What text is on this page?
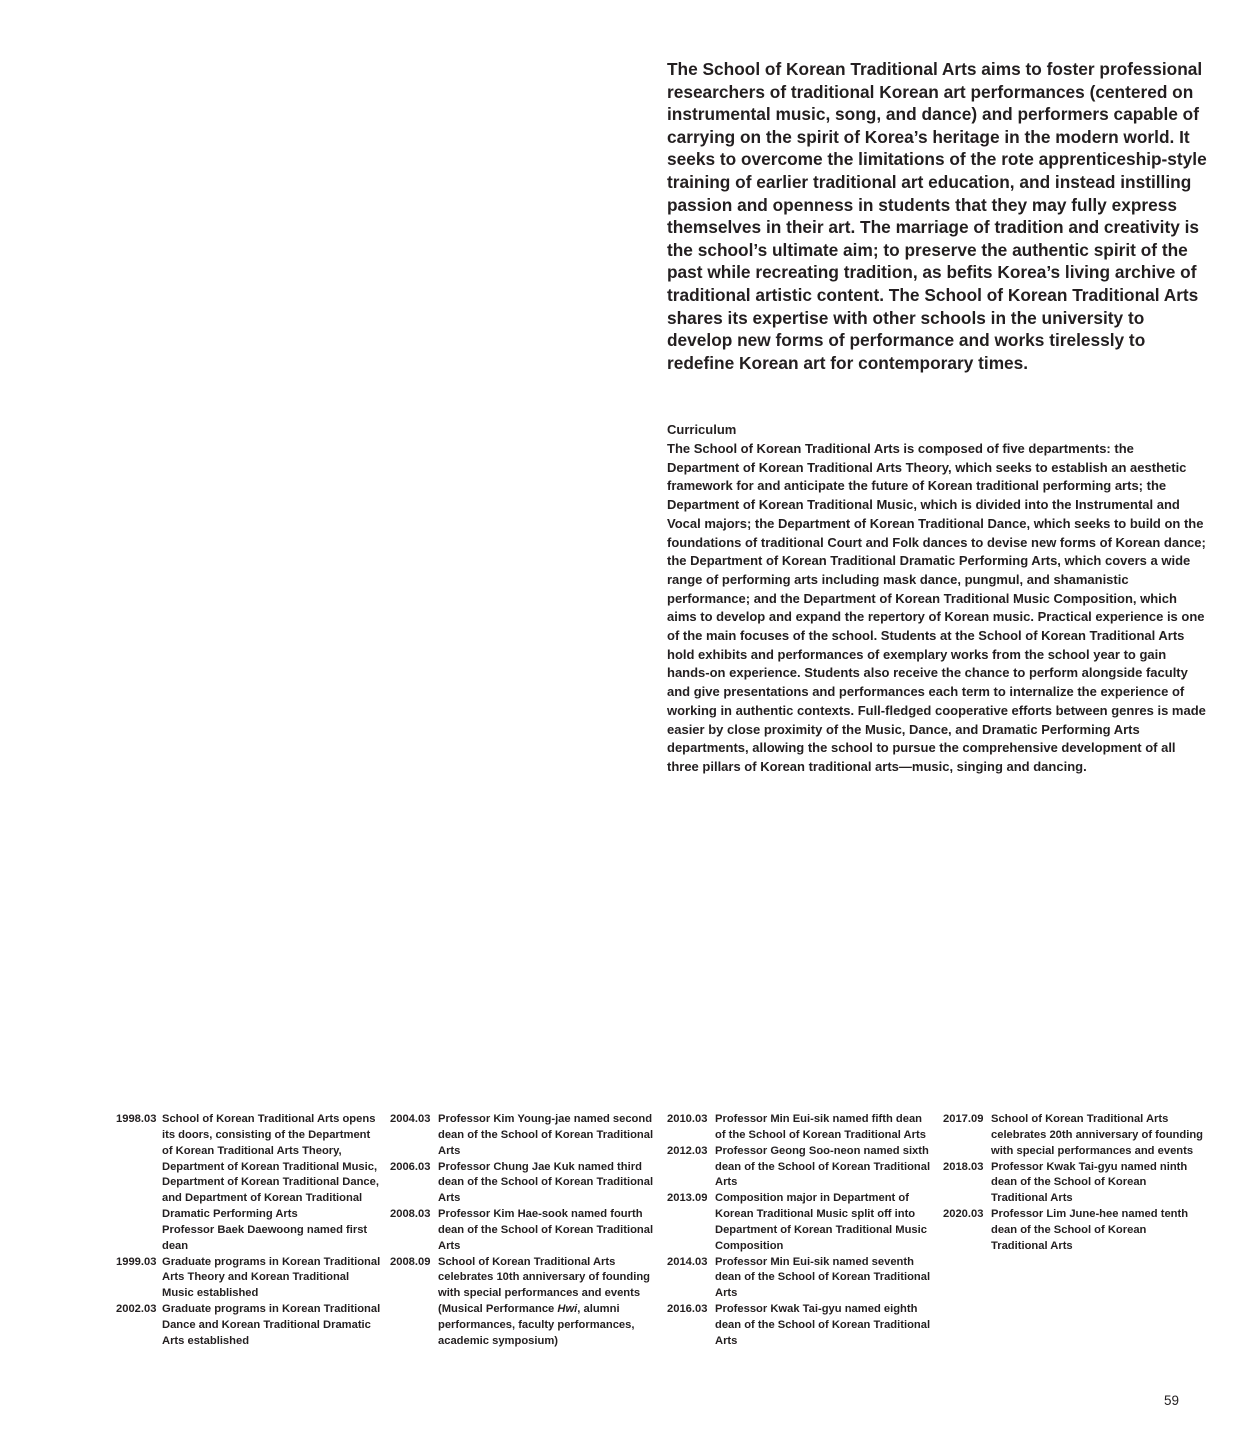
The School of Korean Traditional Arts aims to foster professional researchers of traditional Korean art performances (centered on instrumental music, song, and dance) and performers capable of carrying on the spirit of Korea’s heritage in the modern world. It seeks to overcome the limitations of the rote apprenticeship-style training of earlier traditional art education, and instead instilling passion and openness in students that they may fully express themselves in their art. The marriage of tradition and creativity is the school’s ultimate aim; to preserve the authentic spirit of the past while recreating tradition, as befits Korea’s living archive of traditional artistic content. The School of Korean Traditional Arts shares its expertise with other schools in the university to develop new forms of performance and works tirelessly to redefine Korean art for contemporary times.

Curriculum

The School of Korean Traditional Arts is composed of five departments: the Department of Korean Traditional Arts Theory, which seeks to establish an aesthetic framework for and anticipate the future of Korean traditional performing arts; the Department of Korean Traditional Music, which is divided into the Instrumental and Vocal majors; the Department of Korean Traditional Dance, which seeks to build on the foundations of traditional Court and Folk dances to devise new forms of Korean dance; the Department of Korean Traditional Dramatic Performing Arts, which covers a wide range of performing arts including mask dance, pungmul, and shamanistic performance; and the Department of Korean Traditional Music Composition, which aims to develop and expand the repertory of Korean music. Practical experience is one of the main focuses of the school. Students at the School of Korean Traditional Arts hold exhibits and performances of exemplary works from the school year to gain hands-on experience. Students also receive the chance to perform alongside faculty and give presentations and performances each term to internalize the experience of working in authentic contexts. Full-fledged cooperative efforts between genres is made easier by close proximity of the Music, Dance, and Dramatic Performing Arts departments, allowing the school to pursue the comprehensive development of all three pillars of Korean traditional arts—music, singing and dancing.

1998.03 School of Korean Traditional Arts opens its doors, consisting of the Department of Korean Traditional Arts Theory, Department of Korean Traditional Music, Department of Korean Traditional Dance, and Department of Korean Traditional Dramatic Performing Arts
Professor Baek Daewoong named first dean
1999.03 Graduate programs in Korean Traditional Arts Theory and Korean Traditional Music established
2002.03 Graduate programs in Korean Traditional Dance and Korean Traditional Dramatic Arts established
2004.03 Professor Kim Young-jae named second dean of the School of Korean Traditional Arts
2006.03 Professor Chung Jae Kuk named third dean of the School of Korean Traditional Arts
2008.03 Professor Kim Hae-sook named fourth dean of the School of Korean Traditional Arts
2008.09 School of Korean Traditional Arts celebrates 10th anniversary of founding with special performances and events (Musical Performance Hwi, alumni performances, faculty performances, academic symposium)
2010.03 Professor Min Eui-sik named fifth dean of the School of Korean Traditional Arts
2012.03 Professor Geong Soo-neon named sixth dean of the School of Korean Traditional Arts
2013.09 Composition major in Department of Korean Traditional Music split off into Department of Korean Traditional Music Composition
2014.03 Professor Min Eui-sik named seventh dean of the School of Korean Traditional Arts
2016.03 Professor Kwak Tai-gyu named eighth dean of the School of Korean Traditional Arts
2017.09 School of Korean Traditional Arts celebrates 20th anniversary of founding with special performances and events
2018.03 Professor Kwak Tai-gyu named ninth dean of the School of Korean Traditional Arts
2020.03 Professor Lim June-hee named tenth dean of the School of Korean Traditional Arts
59
